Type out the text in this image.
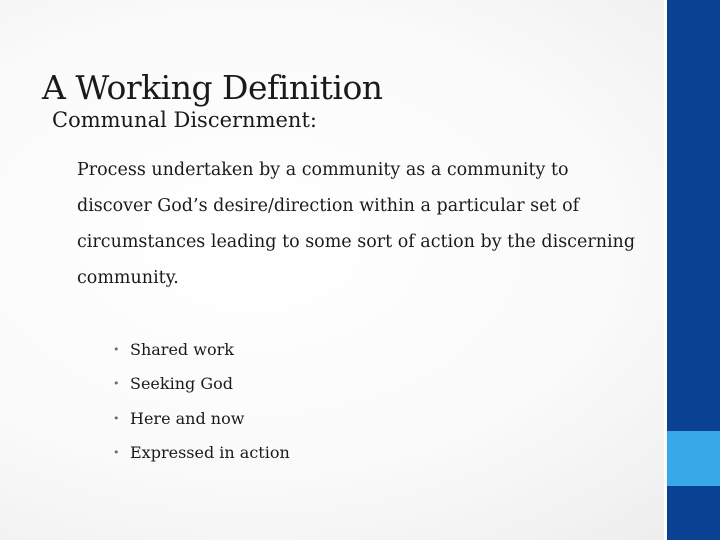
A Working Definition
Communal Discernment:
Process undertaken by a community as a community to
discover God’s desire/direction within a particular set of
circumstances leading to some sort of action by the discerning
community.
• Shared work
• Seeking God
• Here and now
• Expressed in action
